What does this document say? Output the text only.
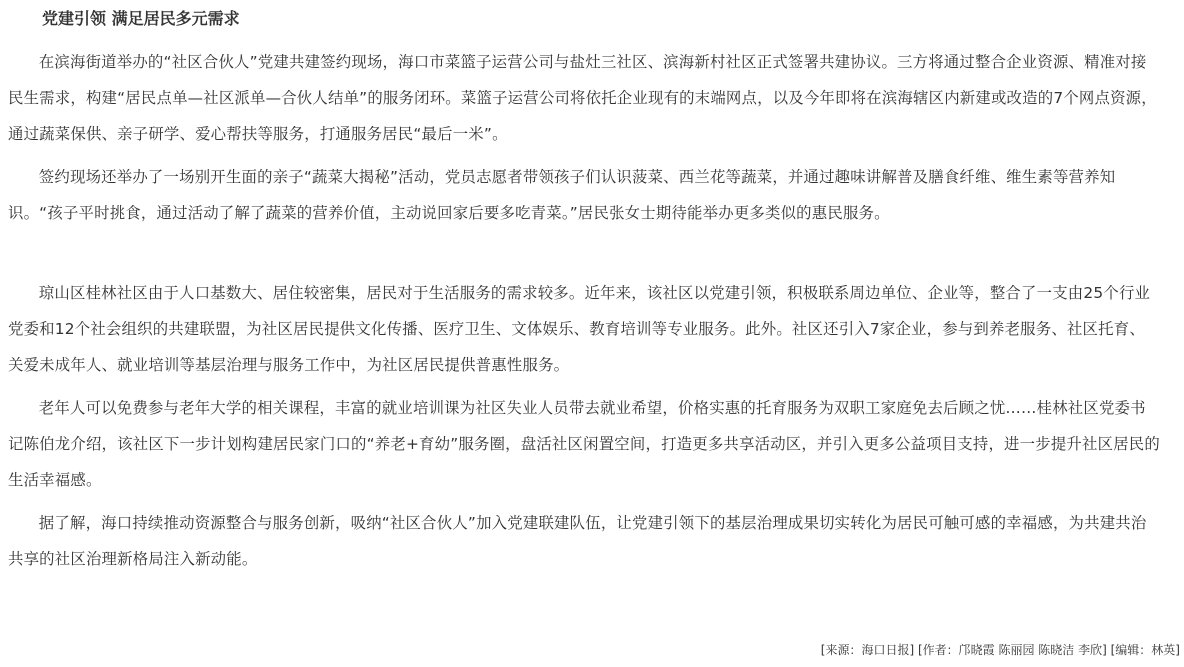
党建引领 满足居民多元需求

在滨海街道举办的“社区合伙人”党建共建签约现场，海口市菜篮子运营公司与盐灶三社区、滨海新村社区正式签署共建协议。三方将通过整合企业资源、精准对接民生需求，构建“居民点单—社区派单—合伙人结单”的服务闭环。菜篮子运营公司将依托企业现有的末端网点，以及今年即将在滨海辖区内新建或改造的7个网点资源，通过蔬菜保供、亲子研学、爱心帮扶等服务，打通服务居民“最后一米”。

签约现场还举办了一场别开生面的亲子“蔬菜大揭秘”活动，党员志愿者带领孩子们认识菠菜、西兰花等蔬菜，并通过趣味讲解普及膳食纤维、维生素等营养知识。“孩子平时挑食，通过活动了解了蔬菜的营养价值，主动说回家后要多吃青菜。”居民张女士期待能举办更多类似的惠民服务。

琼山区桂林社区由于人口基数大、居住较密集，居民对于生活服务的需求较多。近年来，该社区以党建引领，积极联系周边单位、企业等，整合了一支由25个行业党委和12个社会组织的共建联盟，为社区居民提供文化传播、医疗卫生、文体娱乐、教育培训等专业服务。此外。社区还引入7家企业，参与到养老服务、社区托育、关爱未成年人、就业培训等基层治理与服务工作中，为社区居民提供普惠性服务。

老年人可以免费参与老年大学的相关课程，丰富的就业培训课为社区失业人员带去就业希望，价格实惠的托育服务为双职工家庭免去后顾之忧……桂林社区党委书记陈伯龙介绍，该社区下一步计划构建居民家门口的“养老+育幼”服务圈，盘活社区闲置空间，打造更多共享活动区，并引入更多公益项目支持，进一步提升社区居民的生活幸福感。

据了解，海口持续推动资源整合与服务创新，吸纳“社区合伙人”加入党建联建队伍，让党建引领下的基层治理成果切实转化为居民可触可感的幸福感，为共建共治共享的社区治理新格局注入新动能。

[来源：海口日报] [作者：邝晓霞 陈丽园 陈晓洁 李欣] [编辑：林英]
